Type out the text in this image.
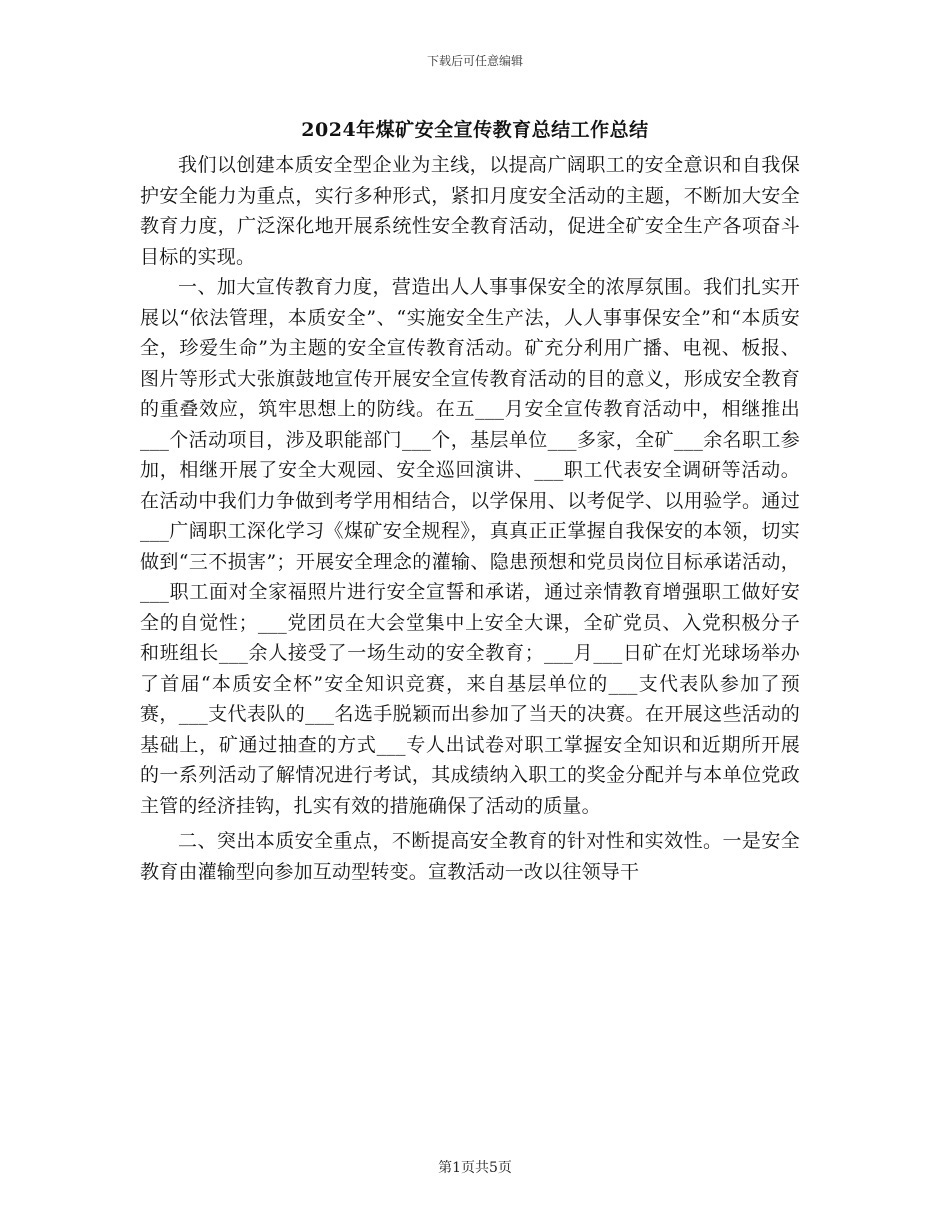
下载后可任意编辑
2024年煤矿安全宣传教育总结工作总结

我们以创建本质安全型企业为主线，以提高广阔职工的安全意识和自我保护安全能力为重点，实行多种形式，紧扣月度安全活动的主题，不断加大安全教育力度，广泛深化地开展系统性安全教育活动，促进全矿安全生产各项奋斗目标的实现。

一、加大宣传教育力度，营造出人人事事保安全的浓厚氛围。我们扎实开展以“依法管理，本质安全”、“实施安全生产法，人人事事保安全”和“本质安全，珍爱生命”为主题的安全宣传教育活动。矿充分利用广播、电视、板报、图片等形式大张旗鼓地宣传开展安全宣传教育活动的目的意义，形成安全教育的重叠效应，筑牢思想上的防线。在五___月安全宣传教育活动中，相继推出___个活动项目，涉及职能部门___个，基层单位___多家，全矿___余名职工参加，相继开展了安全大观园、安全巡回演讲、___职工代表安全调研等活动。在活动中我们力争做到考学用相结合，以学保用、以考促学、以用验学。通过___广阔职工深化学习《煤矿安全规程》，真真正正掌握自我保安的本领，切实做到“三不损害”；开展安全理念的灌输、隐患预想和党员岗位目标承诺活动，___职工面对全家福照片进行安全宣誓和承诺，通过亲情教育增强职工做好安全的自觉性；___党团员在大会堂集中上安全大课，全矿党员、入党积极分子和班组长___余人接受了一场生动的安全教育；___月___日矿在灯光球场举办了首届“本质安全杯”安全知识竞赛，来自基层单位的___支代表队参加了预赛，___支代表队的___名选手脱颖而出参加了当天的决赛。在开展这些活动的基础上，矿通过抽查的方式___专人出试卷对职工掌握安全知识和近期所开展的一系列活动了解情况进行考试，其成绩纳入职工的奖金分配并与本单位党政主管的经济挂钩，扎实有效的措施确保了活动的质量。

二、突出本质安全重点，不断提高安全教育的针对性和实效性。一是安全教育由灌输型向参加互动型转变。宣教活动一改以往领导干

第1页共5页
